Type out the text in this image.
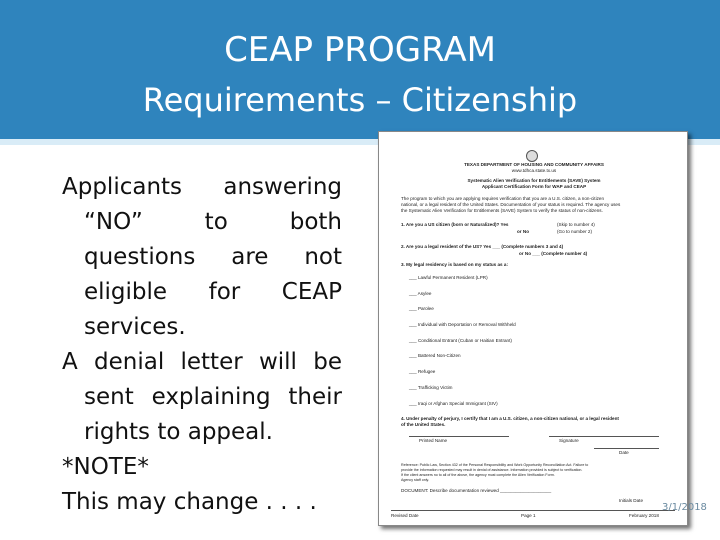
CEAP PROGRAM
Requirements – Citizenship
Applicants answering “NO” to both questions are not eligible for CEAP services.
A denial letter will be sent explaining their rights to appeal.
*NOTE*
This may change . . . .
TEXAS DEPARTMENT OF HOUSING AND COMMUNITY AFFAIRS
www.tdhca.state.tx.us
Systematic Alien Verification for Entitlements (SAVE) System
Applicant Certification Form for WAP and CEAP
The program to which you are applying requires verification that you are a U.S. citizen, a non-citizen
national, or a legal resident of the United States. Documentation of your status is required. The agency uses
the Systematic Alien Verification for Entitlements (SAVE) System to verify the status of non-citizens.
1. Are you a US citizen (born or Naturalized)? Yes	(Skip to number 4)
or No	(Go to number 2)
2. Are you a legal resident of the US? Yes ___ (Complete numbers 3 and 4)
or No ___ (Complete number 4)
3. My legal residency is based on my status as a:
___ Lawful Permanent Resident (LPR)
___ Asylee
___ Parolee
___ Individual with Deportation or Removal Withheld
___ Conditional Entrant (Cuban or Haitian Entrant)
___ Battered Non-Citizen
___ Refugee
___ Trafficking Victim
___ Iraqi or Afghan Special Immigrant (SIV)
4. Under penalty of perjury, I certify that I am a U.S. citizen, a non-citizen national, or a legal resident
of the United States.
Printed Name	Signature
Date
Reference: Public Law, Section 432 of the Personal Responsibility and Work Opportunity Reconciliation Act. Failure to
provide the information requested may result in denial of assistance. Information provided is subject to verification.
If the client answers no to all of the above, the agency must complete the Alien Verification Form.
Agency staff only.
DOCUMENT: Describe documentation reviewed ____________________
Initials Date
Revised Date	Page 1	February 2018
3/1/2018
